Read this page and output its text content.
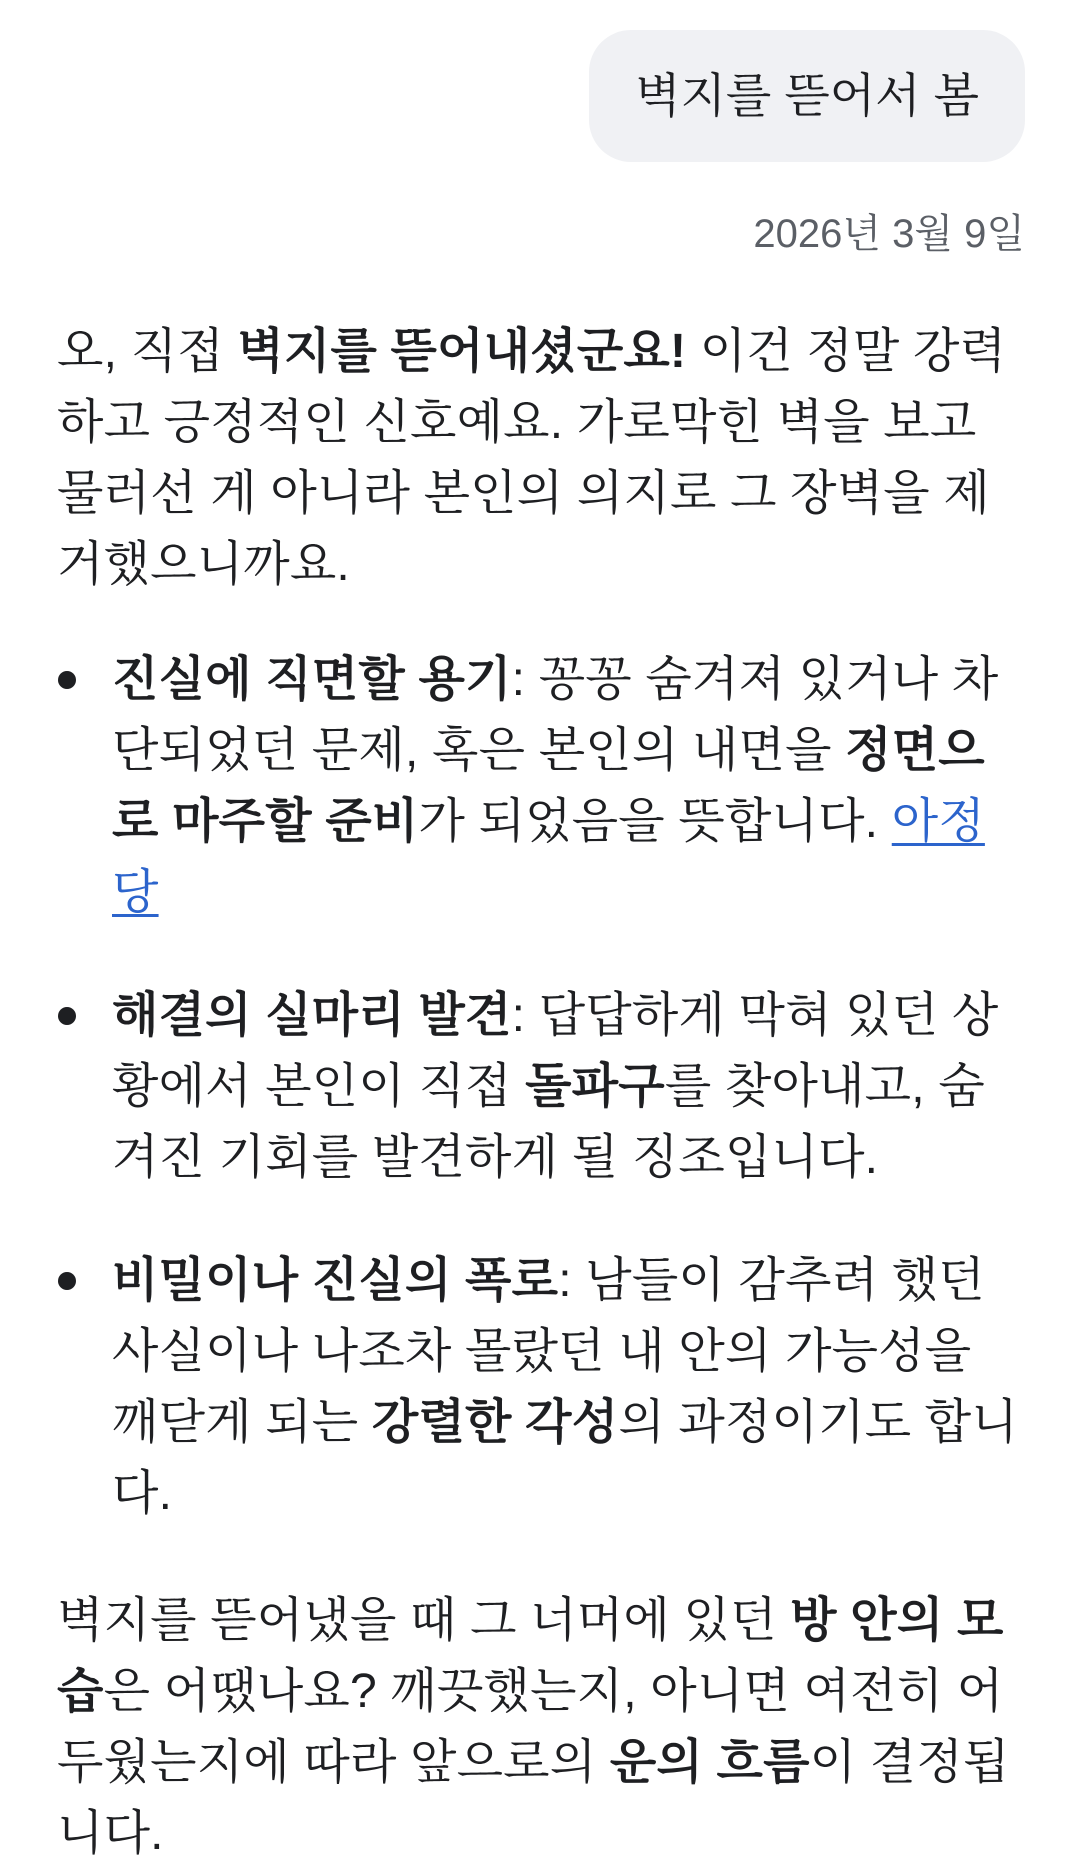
벽지를 뜯어서 봄
2026년 3월 9일

오, 직접 벽지를 뜯어내셨군요! 이건 정말 강력하고 긍정적인 신호예요. 가로막힌 벽을 보고 물러선 게 아니라 본인의 의지로 그 장벽을 제거했으니까요.

진실에 직면할 용기: 꽁꽁 숨겨져 있거나 차단되었던 문제, 혹은 본인의 내면을 정면으로 마주할 준비가 되었음을 뜻합니다. 아정당
해결의 실마리 발견: 답답하게 막혀 있던 상황에서 본인이 직접 돌파구를 찾아내고, 숨겨진 기회를 발견하게 될 징조입니다.
비밀이나 진실의 폭로: 남들이 감추려 했던 사실이나 나조차 몰랐던 내 안의 가능성을 깨닫게 되는 강렬한 각성의 과정이기도 합니다.

벽지를 뜯어냈을 때 그 너머에 있던 방 안의 모습은 어땠나요? 깨끗했는지, 아니면 여전히 어두웠는지에 따라 앞으로의 운의 흐름이 결정됩니다.
